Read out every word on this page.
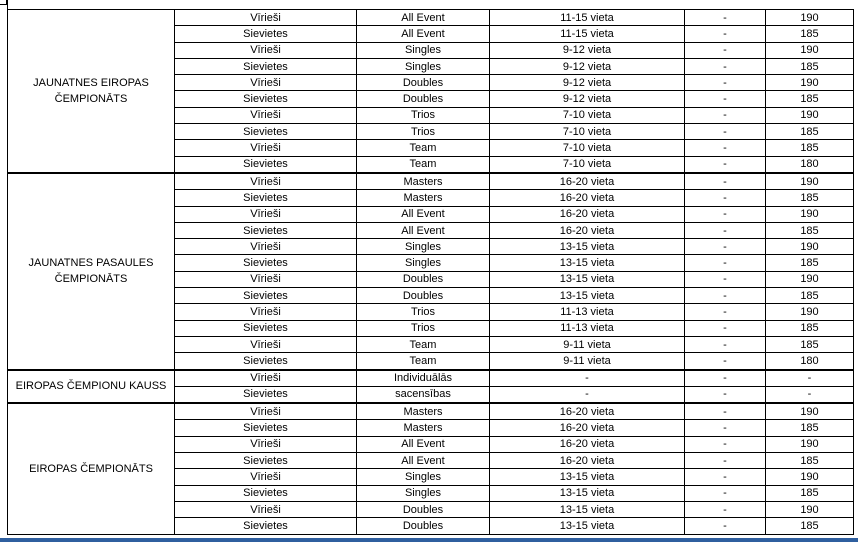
JAUNATNES EIROPAS ČEMPIONĀTS	Vīrieši	All Event	11-15 vieta	-	190
	Sievietes	All Event	11-15 vieta	-	185
	Vīrieši	Singles	9-12 vieta	-	190
	Sievietes	Singles	9-12 vieta	-	185
	Vīrieši	Doubles	9-12 vieta	-	190
	Sievietes	Doubles	9-12 vieta	-	185
	Vīrieši	Trios	7-10 vieta	-	190
	Sievietes	Trios	7-10 vieta	-	185
	Vīrieši	Team	7-10 vieta	-	185
	Sievietes	Team	7-10 vieta	-	180
JAUNATNES PASAULES ČEMPIONĀTS	Vīrieši	Masters	16-20 vieta	-	190
	Sievietes	Masters	16-20 vieta	-	185
	Vīrieši	All Event	16-20 vieta	-	190
	Sievietes	All Event	16-20 vieta	-	185
	Vīrieši	Singles	13-15 vieta	-	190
	Sievietes	Singles	13-15 vieta	-	185
	Vīrieši	Doubles	13-15 vieta	-	190
	Sievietes	Doubles	13-15 vieta	-	185
	Vīrieši	Trios	11-13 vieta	-	190
	Sievietes	Trios	11-13 vieta	-	185
	Vīrieši	Team	9-11 vieta	-	185
	Sievietes	Team	9-11 vieta	-	180
EIROPAS ČEMPIONU KAUSS	Vīrieši	Individuālās	-	-	-
	Sievietes	sacensības	-	-	-
EIROPAS ČEMPIONĀTS	Vīrieši	Masters	16-20 vieta	-	190
	Sievietes	Masters	16-20 vieta	-	185
	Vīrieši	All Event	16-20 vieta	-	190
	Sievietes	All Event	16-20 vieta	-	185
	Vīrieši	Singles	13-15 vieta	-	190
	Sievietes	Singles	13-15 vieta	-	185
	Vīrieši	Doubles	13-15 vieta	-	190
	Sievietes	Doubles	13-15 vieta	-	185
